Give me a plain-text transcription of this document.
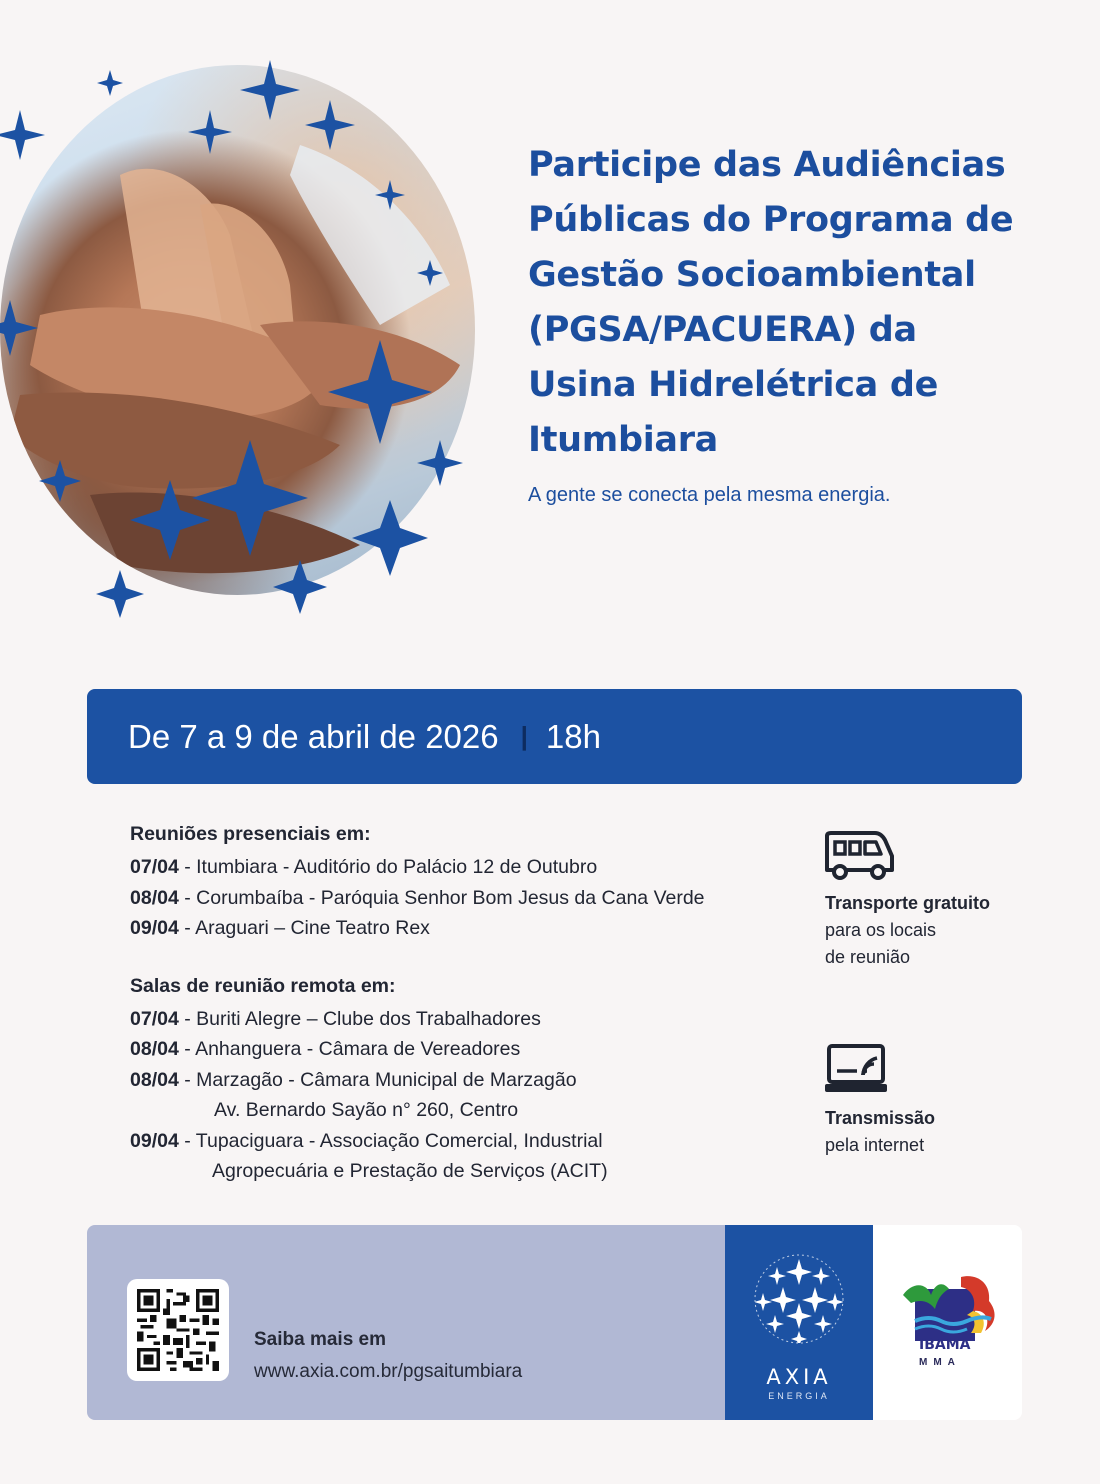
Participe das Audiências
Públicas do Programa de
Gestão Socioambiental
(PGSA/PACUERA) da
Usina Hidrelétrica de
Itumbiara
A gente se conecta pela mesma energia.
De 7 a 9 de abril de 2026 | 18h
Reuniões presenciais em:
07/04 - Itumbiara - Auditório do Palácio 12 de Outubro
08/04 - Corumbaíba - Paróquia Senhor Bom Jesus da Cana Verde
09/04 - Araguari – Cine Teatro Rex
Salas de reunião remota em:
07/04 - Buriti Alegre – Clube dos Trabalhadores
08/04 - Anhanguera - Câmara de Vereadores
08/04 - Marzagão - Câmara Municipal de Marzagão
Av. Bernardo Sayão n° 260, Centro
09/04 - Tupaciguara - Associação Comercial, Industrial
Agropecuária e Prestação de Serviços (ACIT)
Transporte gratuito
para os locais
de reunião
Transmissão
pela internet
Saiba mais em
www.axia.com.br/pgsaitumbiara	AXIA
ENERGIA
IBAMA
MMA
